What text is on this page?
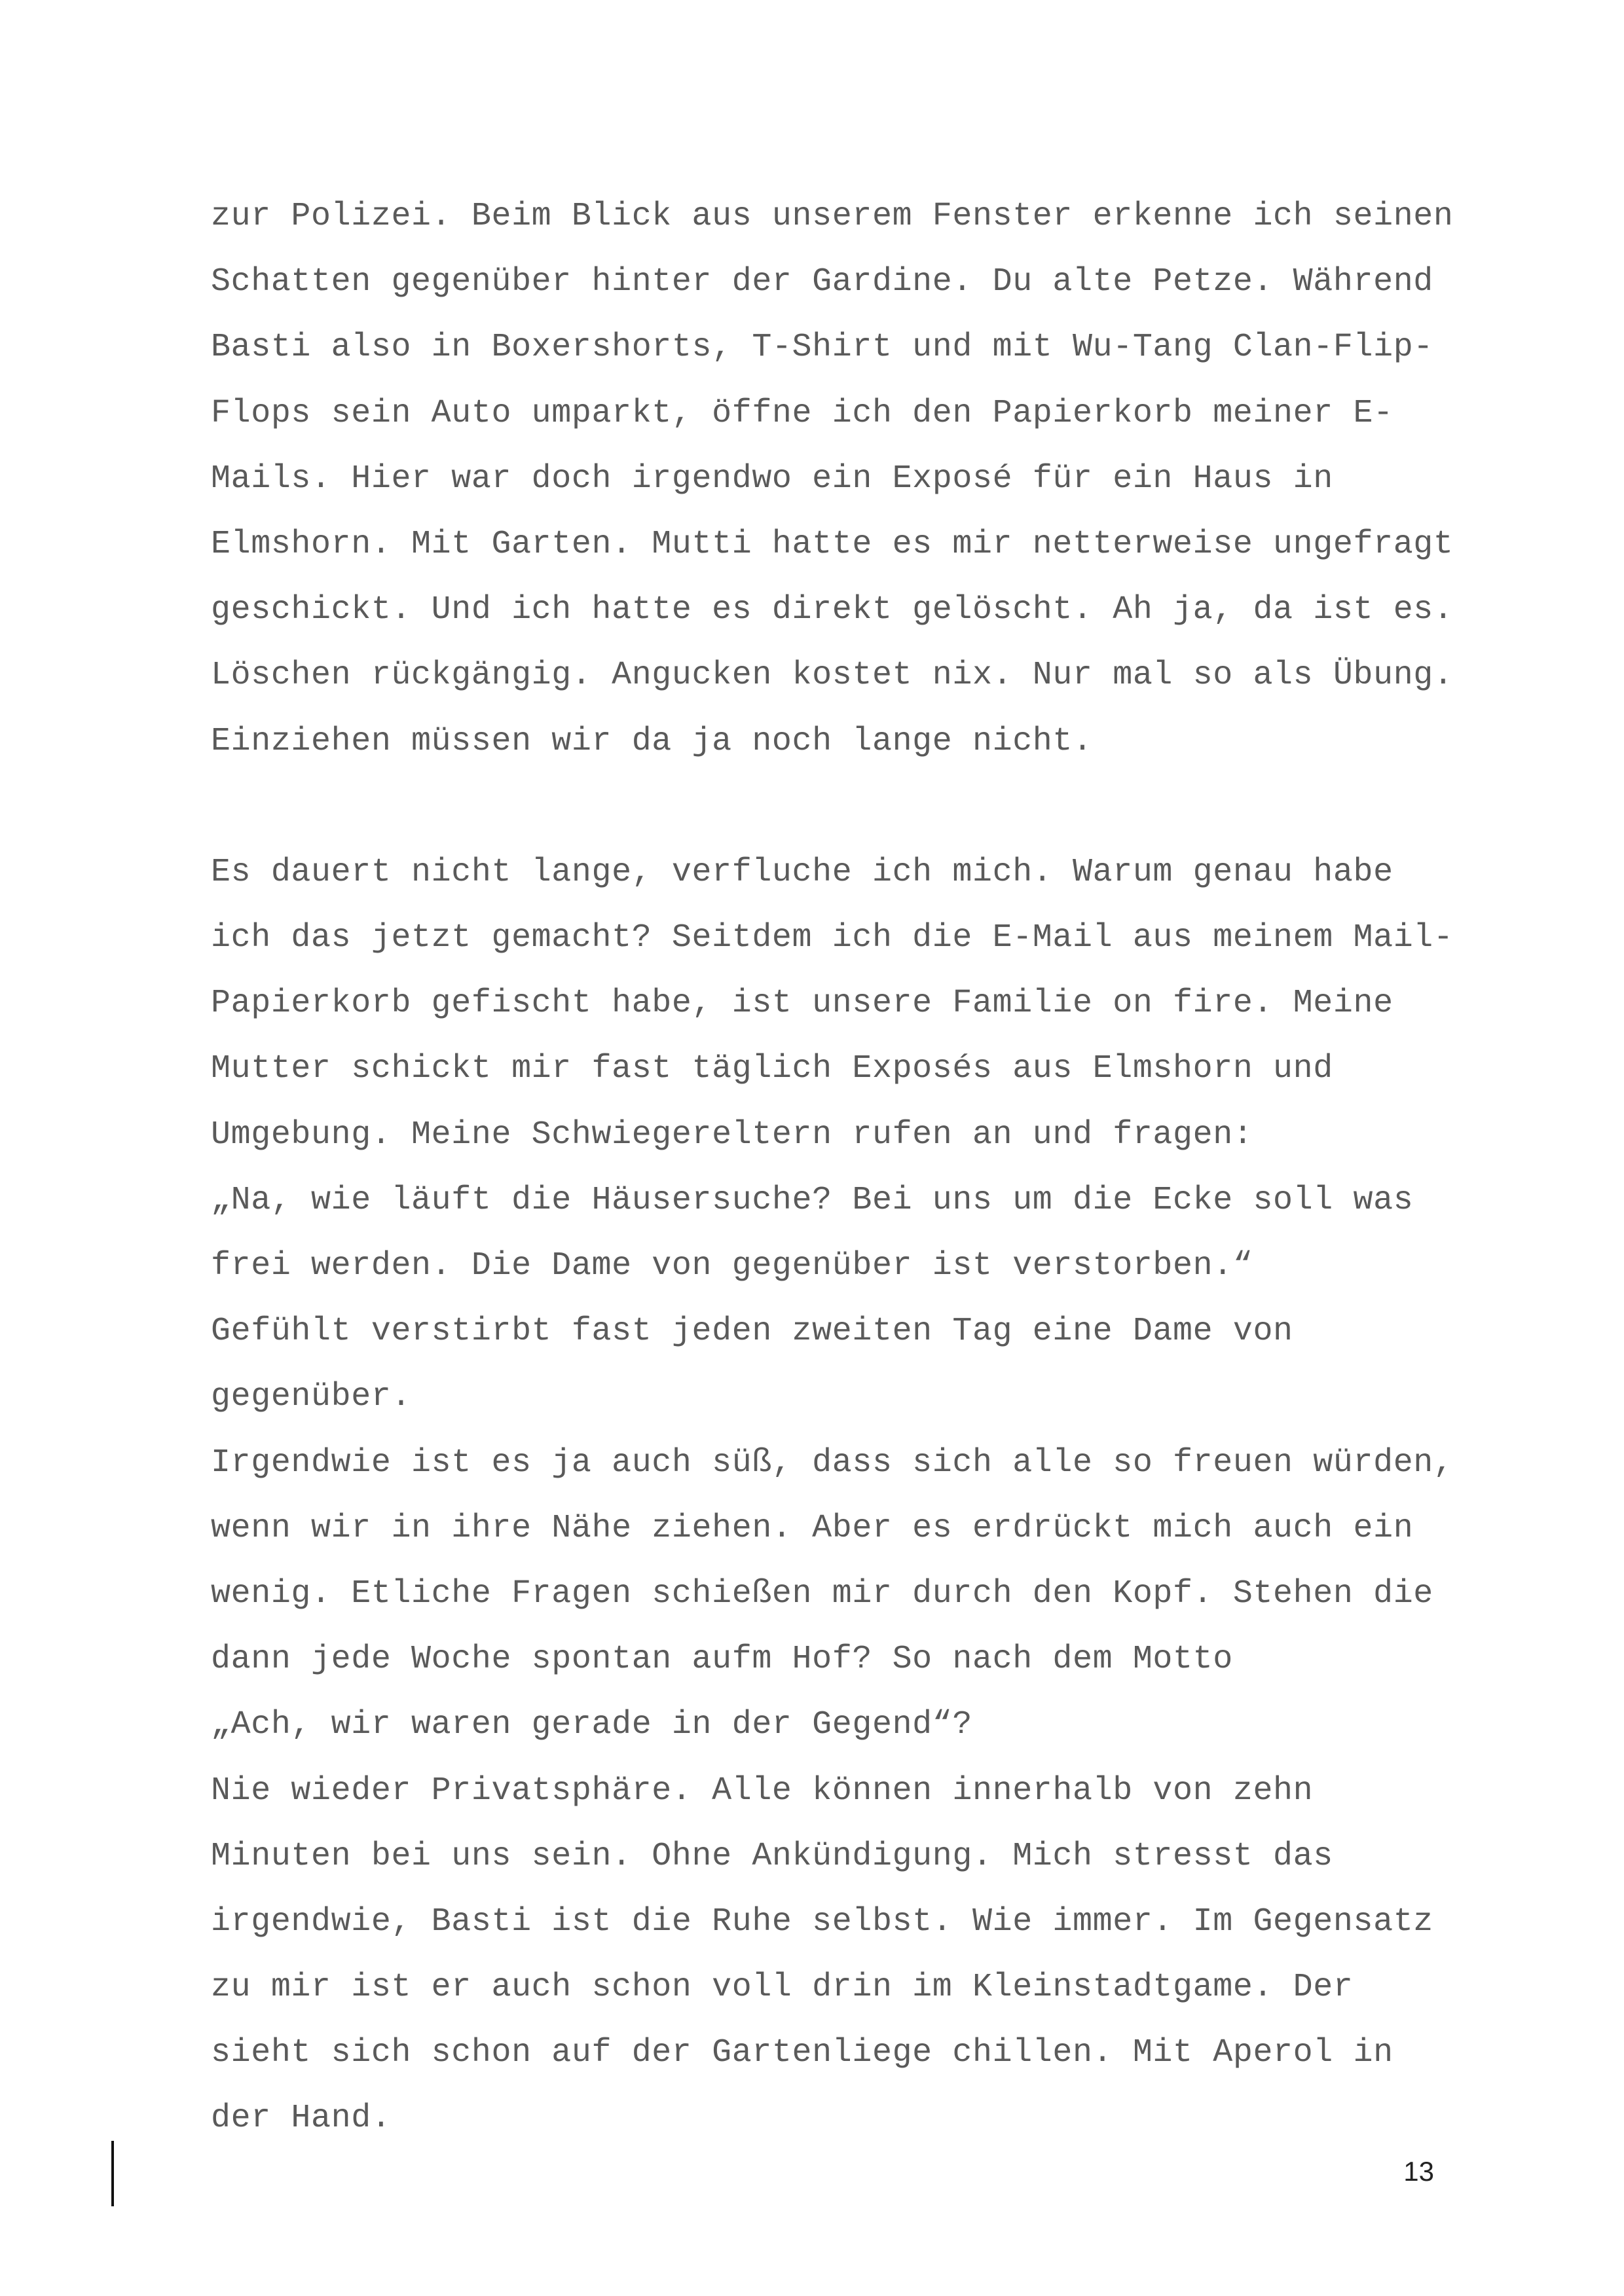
zur Polizei. Beim Blick aus unserem Fenster erkenne ich seinen
Schatten gegenüber hinter der Gardine. Du alte Petze. Während
Basti also in Boxershorts, T-Shirt und mit Wu-Tang Clan-Flip-
Flops sein Auto umparkt, öffne ich den Papierkorb meiner E-
Mails. Hier war doch irgendwo ein Exposé für ein Haus in
Elmshorn. Mit Garten. Mutti hatte es mir netterweise ungefragt
geschickt. Und ich hatte es direkt gelöscht. Ah ja, da ist es.
Löschen rückgängig. Angucken kostet nix. Nur mal so als Übung.
Einziehen müssen wir da ja noch lange nicht.
Es dauert nicht lange, verfluche ich mich. Warum genau habe
ich das jetzt gemacht? Seitdem ich die E-Mail aus meinem Mail-
Papierkorb gefischt habe, ist unsere Familie on fire. Meine
Mutter schickt mir fast täglich Exposés aus Elmshorn und
Umgebung. Meine Schwiegereltern rufen an und fragen:
„Na, wie läuft die Häusersuche? Bei uns um die Ecke soll was
frei werden. Die Dame von gegenüber ist verstorben.“
Gefühlt verstirbt fast jeden zweiten Tag eine Dame von
gegenüber.
Irgendwie ist es ja auch süß, dass sich alle so freuen würden,
wenn wir in ihre Nähe ziehen. Aber es erdrückt mich auch ein
wenig. Etliche Fragen schießen mir durch den Kopf. Stehen die
dann jede Woche spontan aufm Hof? So nach dem Motto
„Ach, wir waren gerade in der Gegend“?
Nie wieder Privatsphäre. Alle können innerhalb von zehn
Minuten bei uns sein. Ohne Ankündigung. Mich stresst das
irgendwie, Basti ist die Ruhe selbst. Wie immer. Im Gegensatz
zu mir ist er auch schon voll drin im Kleinstadtgame. Der
sieht sich schon auf der Gartenliege chillen. Mit Aperol in
der Hand.
13
